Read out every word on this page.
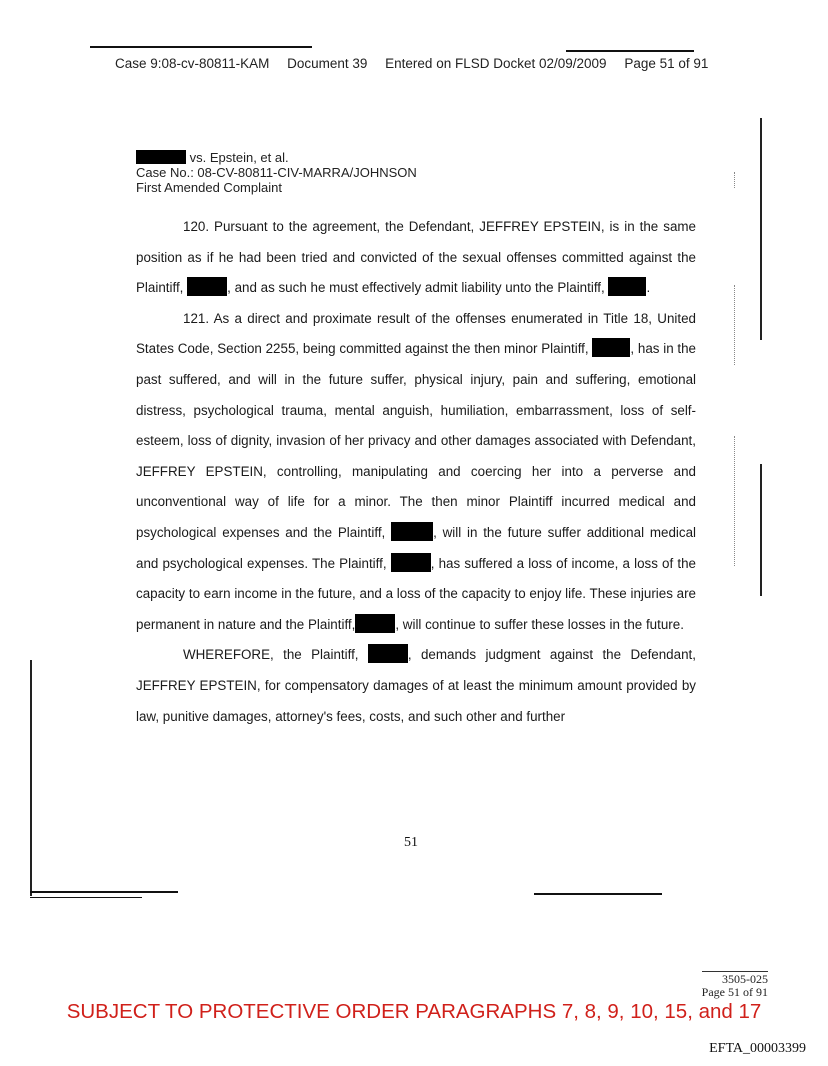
Case 9:08-cv-80811-KAM Document 39 Entered on FLSD Docket 02/09/2009 Page 51 of 91
vs. Epstein, et al.
Case No.: 08-CV-80811-CIV-MARRA/JOHNSON
First Amended Complaint

120. Pursuant to the agreement, the Defendant, JEFFREY EPSTEIN, is in the same position as if he had been tried and convicted of the sexual offenses committed against the Plaintiff,	, and as such he must effectively admit liability unto the Plaintiff,	.

121. As a direct and proximate result of the offenses enumerated in Title 18, United States Code, Section 2255, being committed against the then minor Plaintiff,	, has in the past suffered, and will in the future suffer, physical injury, pain and suffering, emotional distress, psychological trauma, mental anguish, humiliation, embarrassment, loss of self-esteem, loss of dignity, invasion of her privacy and other damages associated with Defendant, JEFFREY EPSTEIN, controlling, manipulating and coercing her into a perverse and unconventional way of life for a minor. The then minor Plaintiff incurred medical and psychological expenses and the Plaintiff,	, will in the future suffer additional medical and psychological expenses. The Plaintiff,	, has suffered a loss of income, a loss of the capacity to earn income in the future, and a loss of the capacity to enjoy life. These injuries are permanent in nature and the Plaintiff,	, will continue to suffer these losses in the future.

WHEREFORE, the Plaintiff,	, demands judgment against the Defendant, JEFFREY EPSTEIN, for compensatory damages of at least the minimum amount provided by law, punitive damages, attorney's fees, costs, and such other and further

51
3505-025
Page 51 of 91
SUBJECT TO PROTECTIVE ORDER PARAGRAPHS 7, 8, 9, 10, 15, and 17
EFTA_00003399
